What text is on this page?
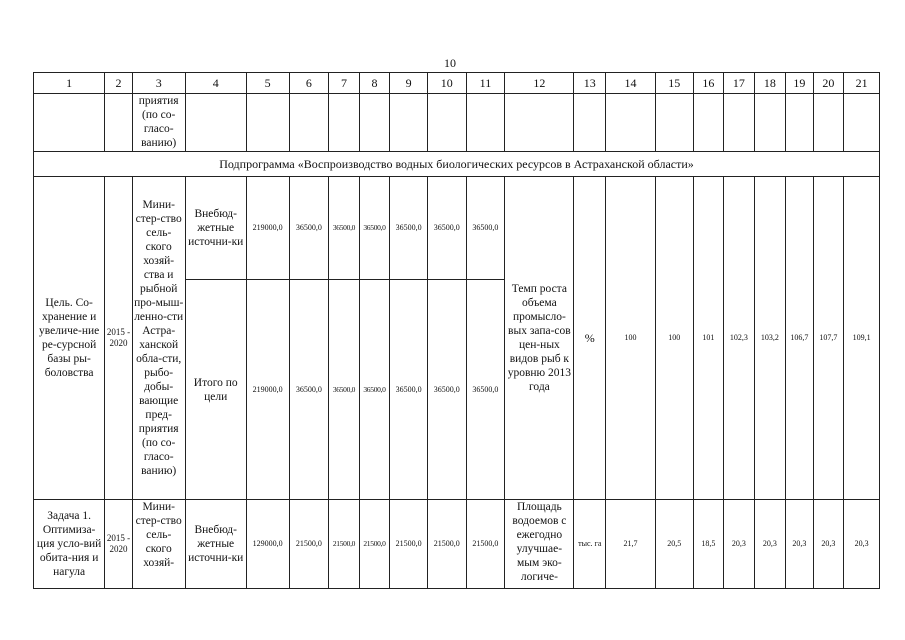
10
1	2	3	4	5	6	7	8	9	10	11	12	13	14	15	16	17	18	19	20	21
		приятия (по со-гласо-ванию)																		
Подпрограмма «Воспроизводство водных биологических ресурсов в Астраханской области»																				
Цель. Со-хранение и увеличе-ние ре-сурсной базы ры-боловства	2015 - 2020	Мини-стер-ство сель-ского хозяй-ства и рыбной про-мыш-ленно-сти Астра-ханской обла-сти, рыбо-добы-вающие пред-приятия (по со-гласо-ванию)	Внебюд-жетные источни-ки	219000,0	36500,0	36500,0	36500,0	36500,0	36500,0	36500,0	Темп роста объема промысло-вых запа-сов цен-ных видов рыб к уровню 2013 года	%	100	100	101	102,3	103,2	106,7	107,7	109,1
			Итого по цели	219000,0	36500,0	36500,0	36500,0	36500,0	36500,0	36500,0										
Задача 1. Оптимиза-ция усло-вий обита-ния и нагула	2015 - 2020	Мини-стер-ство сель-ского хозяй-	Внебюд-жетные источни-ки	129000,0	21500,0	21500,0	21500,0	21500,0	21500,0	21500,0	Площадь водоемов с ежегодно улучшае-мым эко-логиче-	тыс. га	21,7	20,5	18,5	20,3	20,3	20,3	20,3	20,3
